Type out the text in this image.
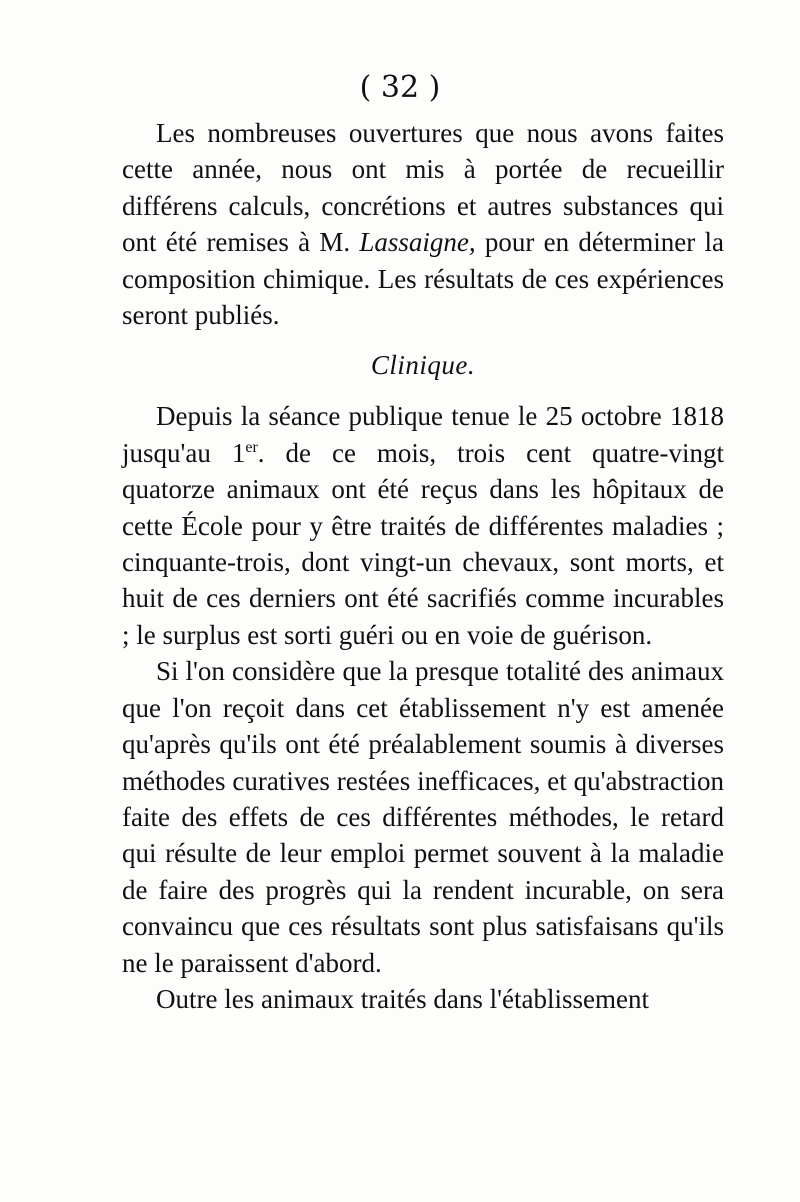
( 32 )

Les nombreuses ouvertures que nous avons faites cette année, nous ont mis à portée de recueillir différens calculs, concrétions et autres substances qui ont été remises à M. Lassaigne, pour en déterminer la composition chimique. Les résultats de ces expériences seront publiés.

Clinique.

Depuis la séance publique tenue le 25 octobre 1818 jusqu'au 1er. de ce mois, trois cent quatre-vingt quatorze animaux ont été reçus dans les hôpitaux de cette École pour y être traités de différentes maladies ; cinquante-trois, dont vingt-un chevaux, sont morts, et huit de ces derniers ont été sacrifiés comme incurables ; le surplus est sorti guéri ou en voie de guérison.

Si l'on considère que la presque totalité des animaux que l'on reçoit dans cet établissement n'y est amenée qu'après qu'ils ont été préalablement soumis à diverses méthodes curatives restées inefficaces, et qu'abstraction faite des effets de ces différentes méthodes, le retard qui résulte de leur emploi permet souvent à la maladie de faire des progrès qui la rendent incurable, on sera convaincu que ces résultats sont plus satisfaisans qu'ils ne le paraissent d'abord.

Outre les animaux traités dans l'établissement
